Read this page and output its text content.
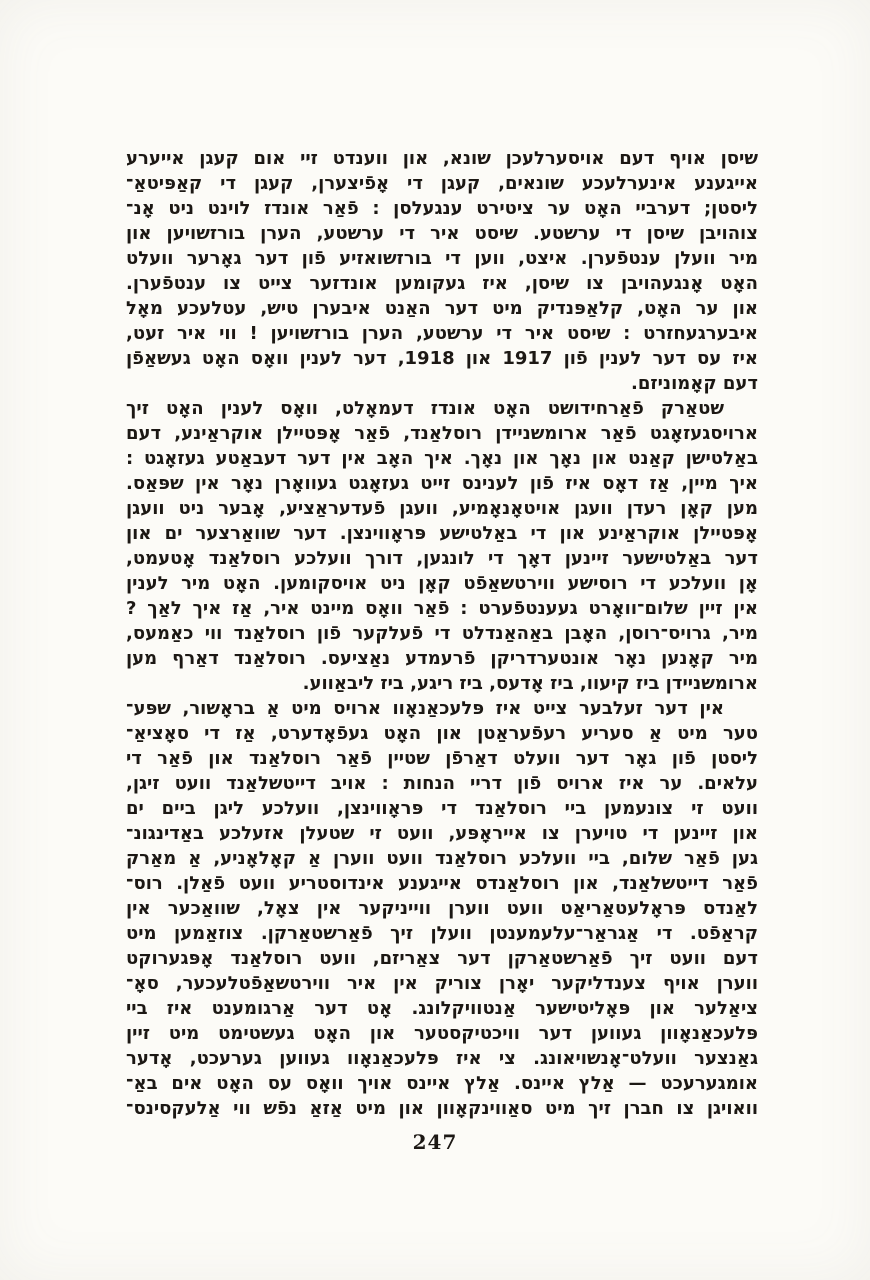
שיסן אויף דעם אויסערלעכן שונא, און ווענדט זיי אום קעגן אייערע
אייגענע אינערלעכע שונאים, קעגן די אָפֿיצערן, קעגן די קאַפּיטאַ־
ליסטן; דערביי האָט ער ציטירט ענגעלסן : פֿאַר אונדז לוינט ניט אָנ־
צוהויבן שיסן די ערשטע. שיסט איר די ערשטע, הערן בורזשויען און
מיר וועלן ענטפֿערן. איצט, ווען די בורזשואזיע פֿון דער גאָרער וועלט
האָט אָנגעהויבן צו שיסן, איז געקומען אונדזער צייט צו ענטפֿערן.
און ער האָט, קלאַפּנדיק מיט דער האַנט איבערן טיש, עטלעכע מאָל
איבערגעחזרט : שיסט איר די ערשטע, הערן בורזשויען ! ווי איר זעט,
איז עס דער לענין פֿון 1917 און 1918, דער לענין וואָס האָט געשאַפֿן
דעם קאָמוניזם.
שטאַרק פֿאַרחידושט האָט אונדז דעמאָלט, וואָס לענין האָט זיך
ארויסגעזאָגט פֿאַר ארומשניידן רוסלאַנד, פֿאַר אָפּטיילן אוקראַינע, דעם
באַלטישן קאַנט און נאָך און נאָך. איך האָב אין דער דעבאַטע געזאָגט :
איך מיין, אַז דאָס איז פֿון לענינס זייט געזאָגט געוואָרן נאָר אין שפּאַס.
מען קאָן רעדן וועגן אויטאָנאָמיע, וועגן פֿעדעראַציע, אָבער ניט וועגן
אָפּטיילן אוקראַינע און די באַלטישע פּראָווינצן. דער שוואַרצער ים און
דער באַלטישער זיינען דאָך די לונגען, דורך וועלכע רוסלאַנד אָטעמט,
אָן וועלכע די רוסישע ווירטשאַפֿט קאָן ניט אויסקומען. האָט מיר לענין
אין זיין שלום־וואָרט געענטפֿערט : פֿאַר וואָס מיינט איר, אַז איך לאַך ?
מיר, גרויס־רוסן, האָבן באַהאַנדלט די פֿעלקער פֿון רוסלאַנד ווי כאַמעס,
מיר קאָנען נאָר אונטערדריקן פֿרעמדע נאַציעס. רוסלאַנד דאַרף מען
ארומשניידן ביז קיעוו, ביז אָדעס, ביז ריגע, ביז ליבאַווע.
אין דער זעלבער צייט איז פּלעכאַנאָוו ארויס מיט אַ בראָשור, שפּע־
טער מיט אַ סעריע רעפֿעראַטן און האָט געפֿאָדערט, אַז די סאָציאַ־
ליסטן פֿון גאָר דער וועלט דאַרפֿן שטיין פֿאַר רוסלאַנד און פֿאַר די
עלאים. ער איז ארויס פֿון דריי הנחות : אויב דייטשלאַנד וועט זיגן,
וועט זי צונעמען ביי רוסלאַנד די פּראָווינצן, וועלכע ליגן ביים ים
און זיינען די טויערן צו אייראָפּע, וועט זי שטעלן אזעלכע באַדינגונ־
גען פֿאַר שלום, ביי וועלכע רוסלאַנד וועט ווערן אַ קאָלאָניע, אַ מאַרק
פֿאַר דייטשלאַנד, און רוסלאַנדס אייגענע אינדוסטריע וועט פֿאַלן. רוס־
לאַנדס פּראָלעטאַריאַט וועט ווערן ווייניקער אין צאָל, שוואַכער אין
קראַפֿט. די אַגראַר־עלעמענטן וועלן זיך פֿאַרשטאַרקן. צוזאַמען מיט
דעם וועט זיך פֿאַרשטאַרקן דער צאַריזם, וועט רוסלאַנד אָפּגערוקט
ווערן אויף צענדליקער יאָרן צוריק אין איר ווירטשאַפֿטלעכער, סאָ־
ציאַלער און פּאָליטישער אַנטוויקלונג. אָט דער אַרגומענט איז ביי
פּלעכאַנאָוון געווען דער וויכטיקסטער און האָט געשטימט מיט זיין
גאַנצער וועלט־אָנשויאונג. צי איז פּלעכאַנאָוו געווען גערעכט, אָדער
אומגערעכט — אַלץ איינס. אַלץ איינס אויך וואָס עס האָט אים באַ־
וואויגן צו חברן זיך מיט סאַווינקאָוון און מיט אַזאַ נפֿש ווי אַלעקסינס־
247
